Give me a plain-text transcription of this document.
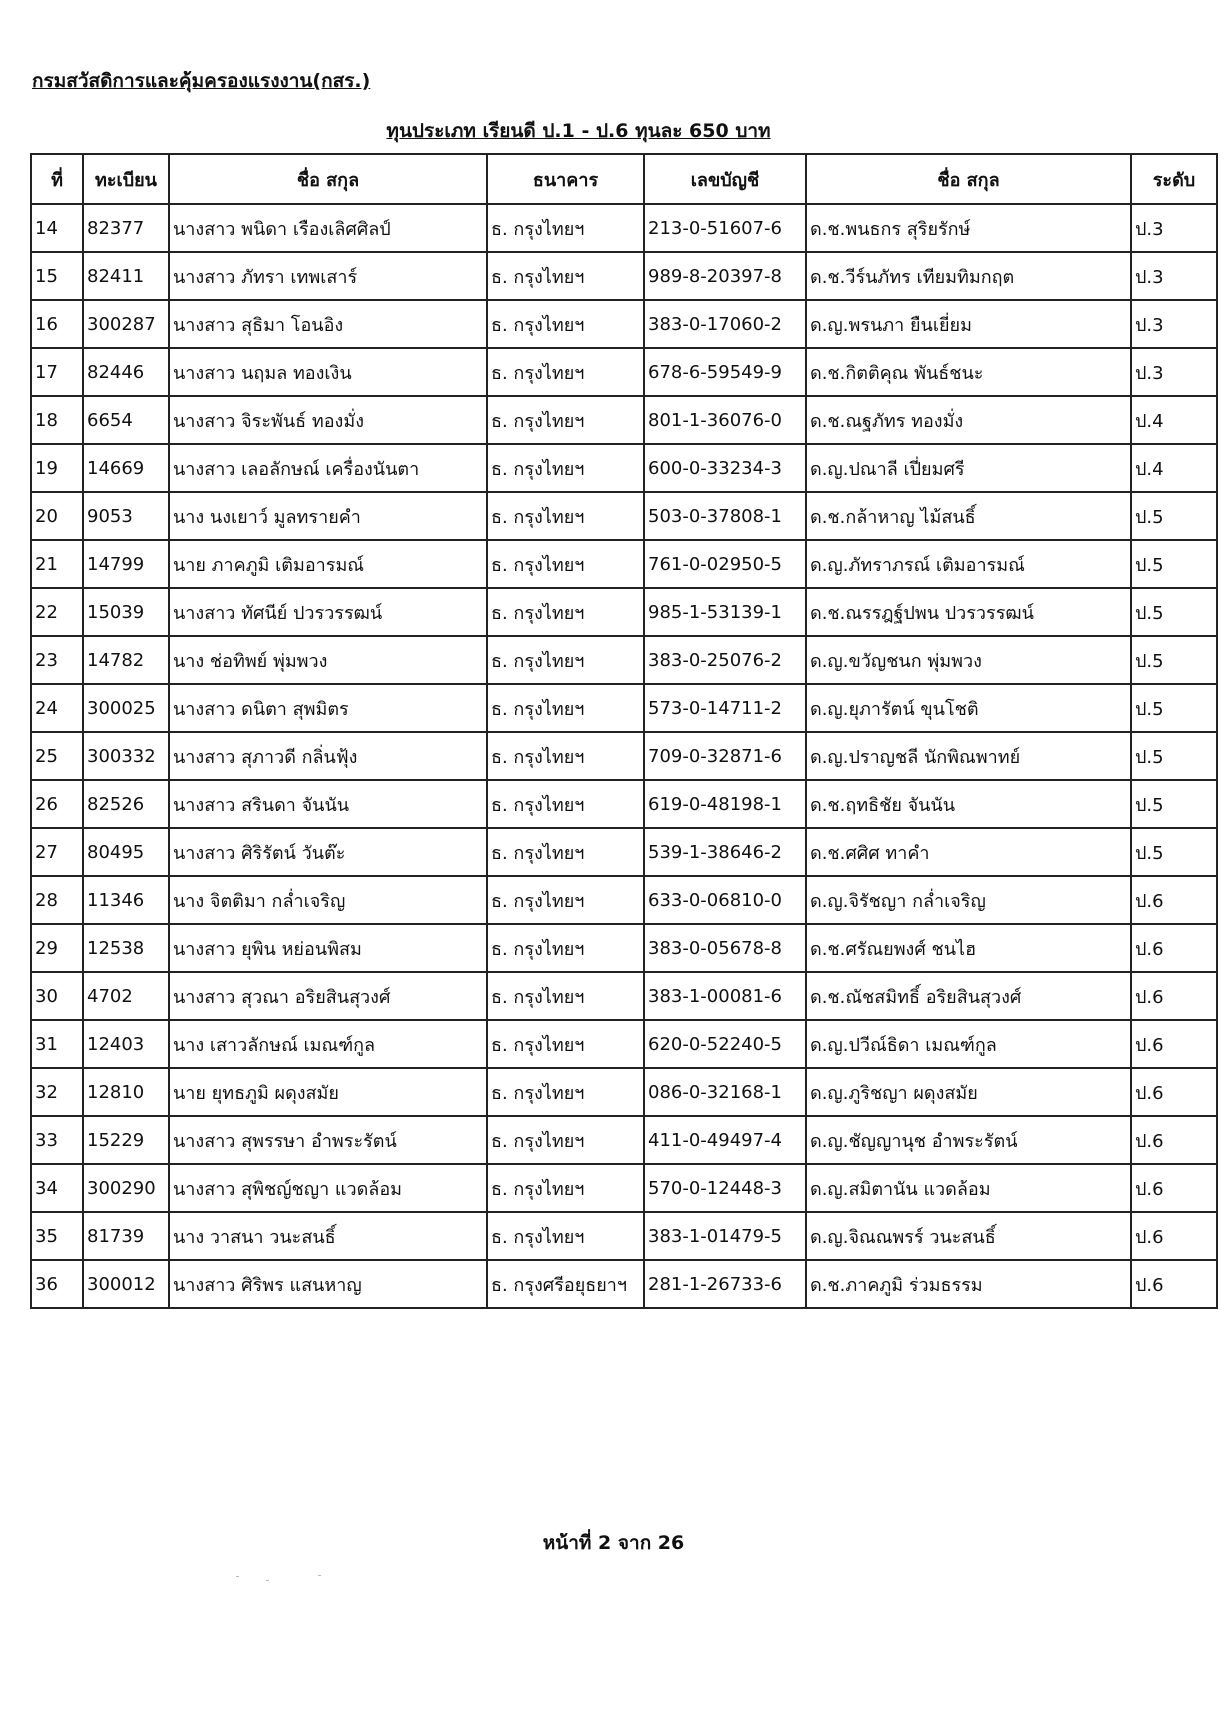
กรมสวัสดิการและคุ้มครองแรงงาน(กสร.)
ทุนประเภท เรียนดี ป.1 - ป.6 ทุนละ 650 บาท
ที่	ทะเบียน	ชื่อ สกุล	ธนาคาร	เลขบัญชี	ชื่อ สกุล	ระดับ
14	82377	นางสาว พนิดา เรืองเลิศศิลป์	ธ. กรุงไทยฯ	213-0-51607-6	ด.ช.พนธกร สุริยรักษ์	ป.3
15	82411	นางสาว ภัทรา เทพเสาร์	ธ. กรุงไทยฯ	989-8-20397-8	ด.ช.วีร์นภัทร เทียมทิมกฤต	ป.3
16	300287	นางสาว สุธิมา โอนอิง	ธ. กรุงไทยฯ	383-0-17060-2	ด.ญ.พรนภา ยืนเยี่ยม	ป.3
17	82446	นางสาว นฤมล ทองเงิน	ธ. กรุงไทยฯ	678-6-59549-9	ด.ช.กิตติคุณ พันธ์ชนะ	ป.3
18	6654	นางสาว จิระพันธ์ ทองมั่ง	ธ. กรุงไทยฯ	801-1-36076-0	ด.ช.ณฐภัทร ทองมั่ง	ป.4
19	14669	นางสาว เลอลักษณ์ เครื่องนันตา	ธ. กรุงไทยฯ	600-0-33234-3	ด.ญ.ปณาลี เปี่ยมศรี	ป.4
20	9053	นาง นงเยาว์ มูลทรายคำ	ธ. กรุงไทยฯ	503-0-37808-1	ด.ช.กล้าหาญ ไม้สนธิ์	ป.5
21	14799	นาย ภาคภูมิ เติมอารมณ์	ธ. กรุงไทยฯ	761-0-02950-5	ด.ญ.ภัทราภรณ์ เติมอารมณ์	ป.5
22	15039	นางสาว ทัศนีย์ ปวรวรรฒน์	ธ. กรุงไทยฯ	985-1-53139-1	ด.ช.ณรรฎฐ์ปพน ปวรวรรฒน์	ป.5
23	14782	นาง ช่อทิพย์ พุ่มพวง	ธ. กรุงไทยฯ	383-0-25076-2	ด.ญ.ขวัญชนก พุ่มพวง	ป.5
24	300025	นางสาว ดนิตา สุพมิตร	ธ. กรุงไทยฯ	573-0-14711-2	ด.ญ.ยุภารัตน์ ขุนโชติ	ป.5
25	300332	นางสาว สุภาวดี กลิ่นฟุ้ง	ธ. กรุงไทยฯ	709-0-32871-6	ด.ญ.ปราญชลี นักพิณพาทย์	ป.5
26	82526	นางสาว สรินดา จันนัน	ธ. กรุงไทยฯ	619-0-48198-1	ด.ช.ฤทธิชัย จันนัน	ป.5
27	80495	นางสาว ศิริรัตน์ วันต๊ะ	ธ. กรุงไทยฯ	539-1-38646-2	ด.ช.ศศิศ ทาคำ	ป.5
28	11346	นาง จิตติมา กล่ำเจริญ	ธ. กรุงไทยฯ	633-0-06810-0	ด.ญ.จิรัชญา กล่ำเจริญ	ป.6
29	12538	นางสาว ยุพิน หย่อนพิสม	ธ. กรุงไทยฯ	383-0-05678-8	ด.ช.ศรัณยพงศ์ ชนไฮ	ป.6
30	4702	นางสาว สุวณา อริยสินสุวงศ์	ธ. กรุงไทยฯ	383-1-00081-6	ด.ช.ณัชสมิทธิ์ อริยสินสุวงศ์	ป.6
31	12403	นาง เสาวลักษณ์ เมณฑ์กูล	ธ. กรุงไทยฯ	620-0-52240-5	ด.ญ.ปวีณ์ธิดา เมณฑ์กูล	ป.6
32	12810	นาย ยุทธภูมิ ผดุงสมัย	ธ. กรุงไทยฯ	086-0-32168-1	ด.ญ.ภูริชญา ผดุงสมัย	ป.6
33	15229	นางสาว สุพรรษา อำพระรัตน์	ธ. กรุงไทยฯ	411-0-49497-4	ด.ญ.ชัญญานุช อำพระรัตน์	ป.6
34	300290	นางสาว สุพิชญ์ชญา แวดล้อม	ธ. กรุงไทยฯ	570-0-12448-3	ด.ญ.สมิตานัน แวดล้อม	ป.6
35	81739	นาง วาสนา วนะสนธิ์	ธ. กรุงไทยฯ	383-1-01479-5	ด.ญ.จิณณพรร์ วนะสนธิ์	ป.6
36	300012	นางสาว ศิริพร แสนหาญ	ธ. กรุงศรีอยุธยาฯ	281-1-26733-6	ด.ช.ภาคภูมิ ร่วมธรรม	ป.6
หน้าที่ 2 จาก 26
